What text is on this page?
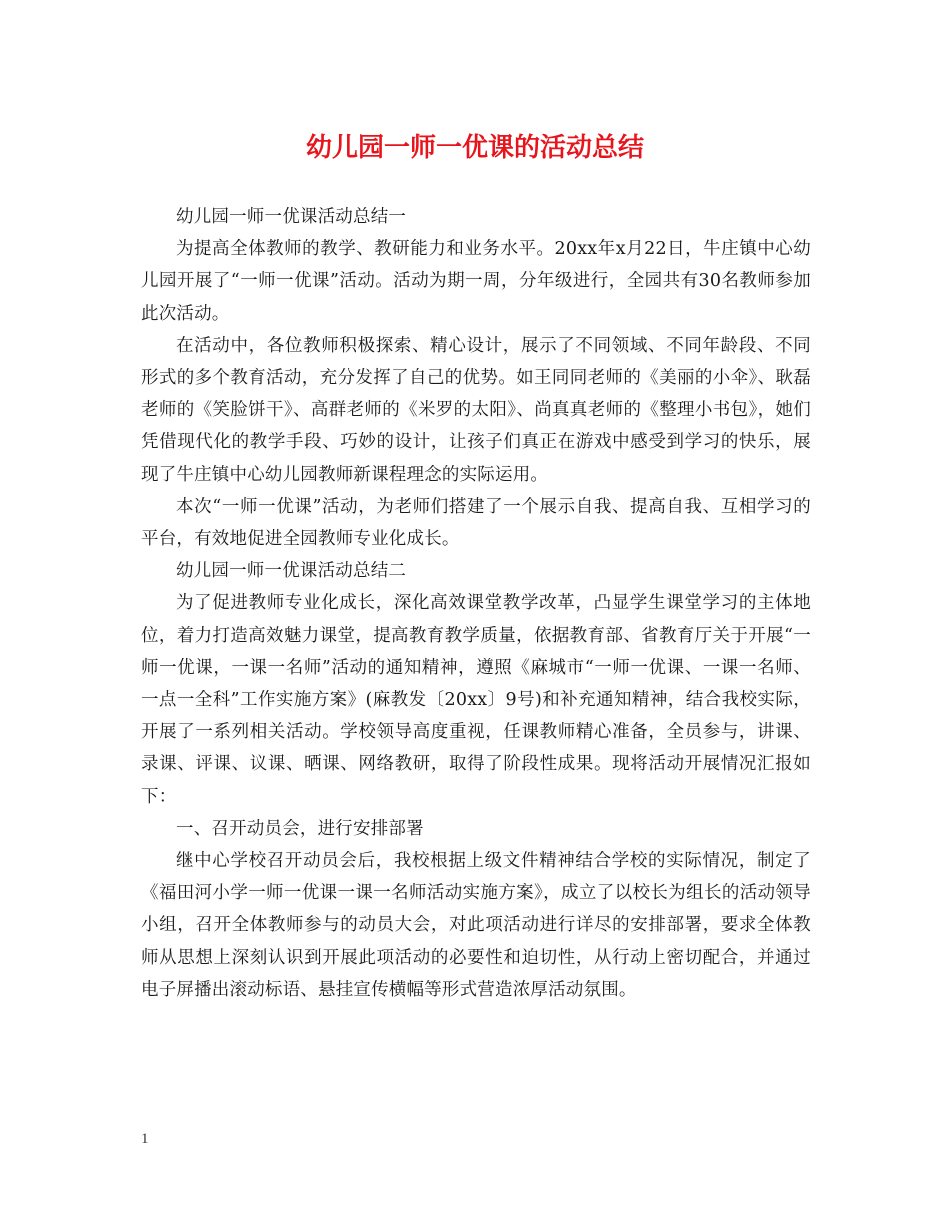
幼儿园一师一优课的活动总结

幼儿园一师一优课活动总结一

为提高全体教师的教学、教研能力和业务水平。20xx年x月22日，牛庄镇中心幼儿园开展了“一师一优课”活动。活动为期一周，分年级进行，全园共有30名教师参加此次活动。

在活动中，各位教师积极探索、精心设计，展示了不同领域、不同年龄段、不同形式的多个教育活动，充分发挥了自己的优势。如王同同老师的《美丽的小伞》、耿磊老师的《笑脸饼干》、高群老师的《米罗的太阳》、尚真真老师的《整理小书包》，她们凭借现代化的教学手段、巧妙的设计，让孩子们真正在游戏中感受到学习的快乐，展现了牛庄镇中心幼儿园教师新课程理念的实际运用。

本次“一师一优课”活动，为老师们搭建了一个展示自我、提高自我、互相学习的平台，有效地促进全园教师专业化成长。

幼儿园一师一优课活动总结二

为了促进教师专业化成长，深化高效课堂教学改革，凸显学生课堂学习的主体地位，着力打造高效魅力课堂，提高教育教学质量，依据教育部、省教育厅关于开展“一师一优课，一课一名师”活动的通知精神，遵照《麻城市“一师一优课、一课一名师、一点一全科”工作实施方案》(麻教发〔20xx〕9号)和补充通知精神，结合我校实际，开展了一系列相关活动。学校领导高度重视，任课教师精心准备，全员参与，讲课、录课、评课、议课、晒课、网络教研，取得了阶段性成果。现将活动开展情况汇报如下：

一、召开动员会，进行安排部署

继中心学校召开动员会后，我校根据上级文件精神结合学校的实际情况，制定了《福田河小学一师一优课一课一名师活动实施方案》，成立了以校长为组长的活动领导小组，召开全体教师参与的动员大会，对此项活动进行详尽的安排部署，要求全体教师从思想上深刻认识到开展此项活动的必要性和迫切性，从行动上密切配合，并通过电子屏播出滚动标语、悬挂宣传横幅等形式营造浓厚活动氛围。

1
